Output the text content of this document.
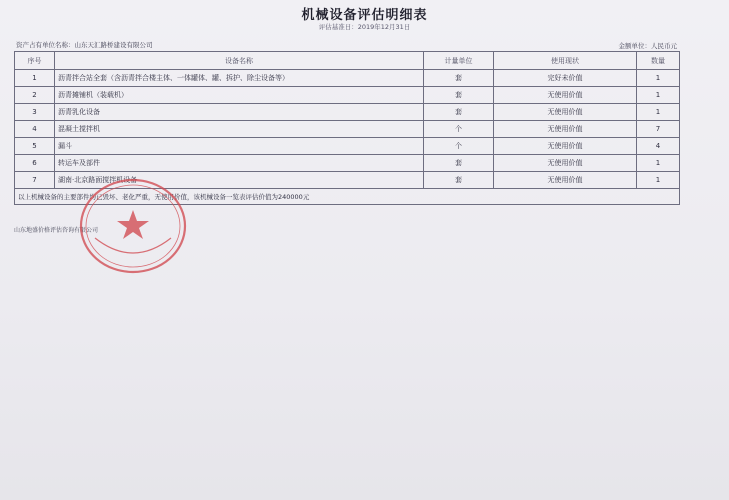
机械设备评估明细表
评估基准日：2019年12月31日
资产占有单位名称：山东天汇路桥建设有限公司	金额单位：人民币元
序号	设备名称	计量单位	使用现状	数量
1	沥青拌合站全套（含沥青拌合楼主体、一体罐体、罐、拆护、除尘设备等）	套	完好未价值	1
2	沥青摊铺机（装载机）	套	无使用价值	1
3	沥青乳化设备	套	无使用价值	1
4	混凝土搅拌机	个	无使用价值	7
5	漏斗	个	无使用价值	4
6	转运车及部件	套	无使用价值	1
7	湖南·北京路面搅拌机设备	套	无使用价值	1
以上机械设备的主要部件均已毁坏、老化严重，无使用价值，该机械设备一览表评估价值为240000元				
山东地盛价格评估咨询有限公司
